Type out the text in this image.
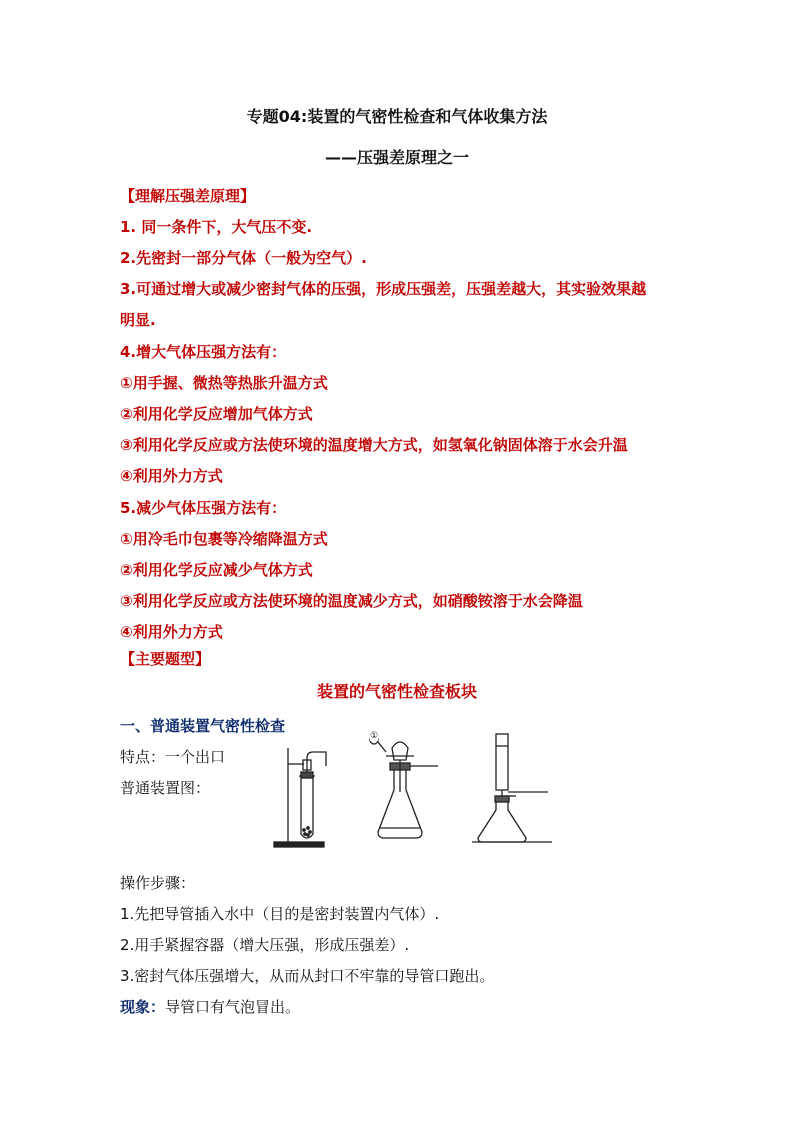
专题04:装置的气密性检查和气体收集方法
——压强差原理之一
【理解压强差原理】
1. 同一条件下，大气压不变.
2.先密封一部分气体（一般为空气）.
3.可通过增大或减少密封气体的压强，形成压强差，压强差越大，其实验效果越
明显.
4.增大气体压强方法有：
①用手握、微热等热胀升温方式
②利用化学反应增加气体方式
③利用化学反应或方法使环境的温度增大方式，如氢氧化钠固体溶于水会升温
④利用外力方式
5.减少气体压强方法有：
①用冷毛巾包裹等冷缩降温方式
②利用化学反应减少气体方式
③利用化学反应或方法使环境的温度减少方式，如硝酸铵溶于水会降温
④利用外力方式
【主要题型】
装置的气密性检查板块
一、普通装置气密性检查
特点：一个出口
普通装置图：
①
操作步骤：
1.先把导管插入水中（目的是密封装置内气体）.
2.用手紧握容器（增大压强，形成压强差）.
3.密封气体压强增大，从而从封口不牢靠的导管口跑出。
现象：导管口有气泡冒出。
